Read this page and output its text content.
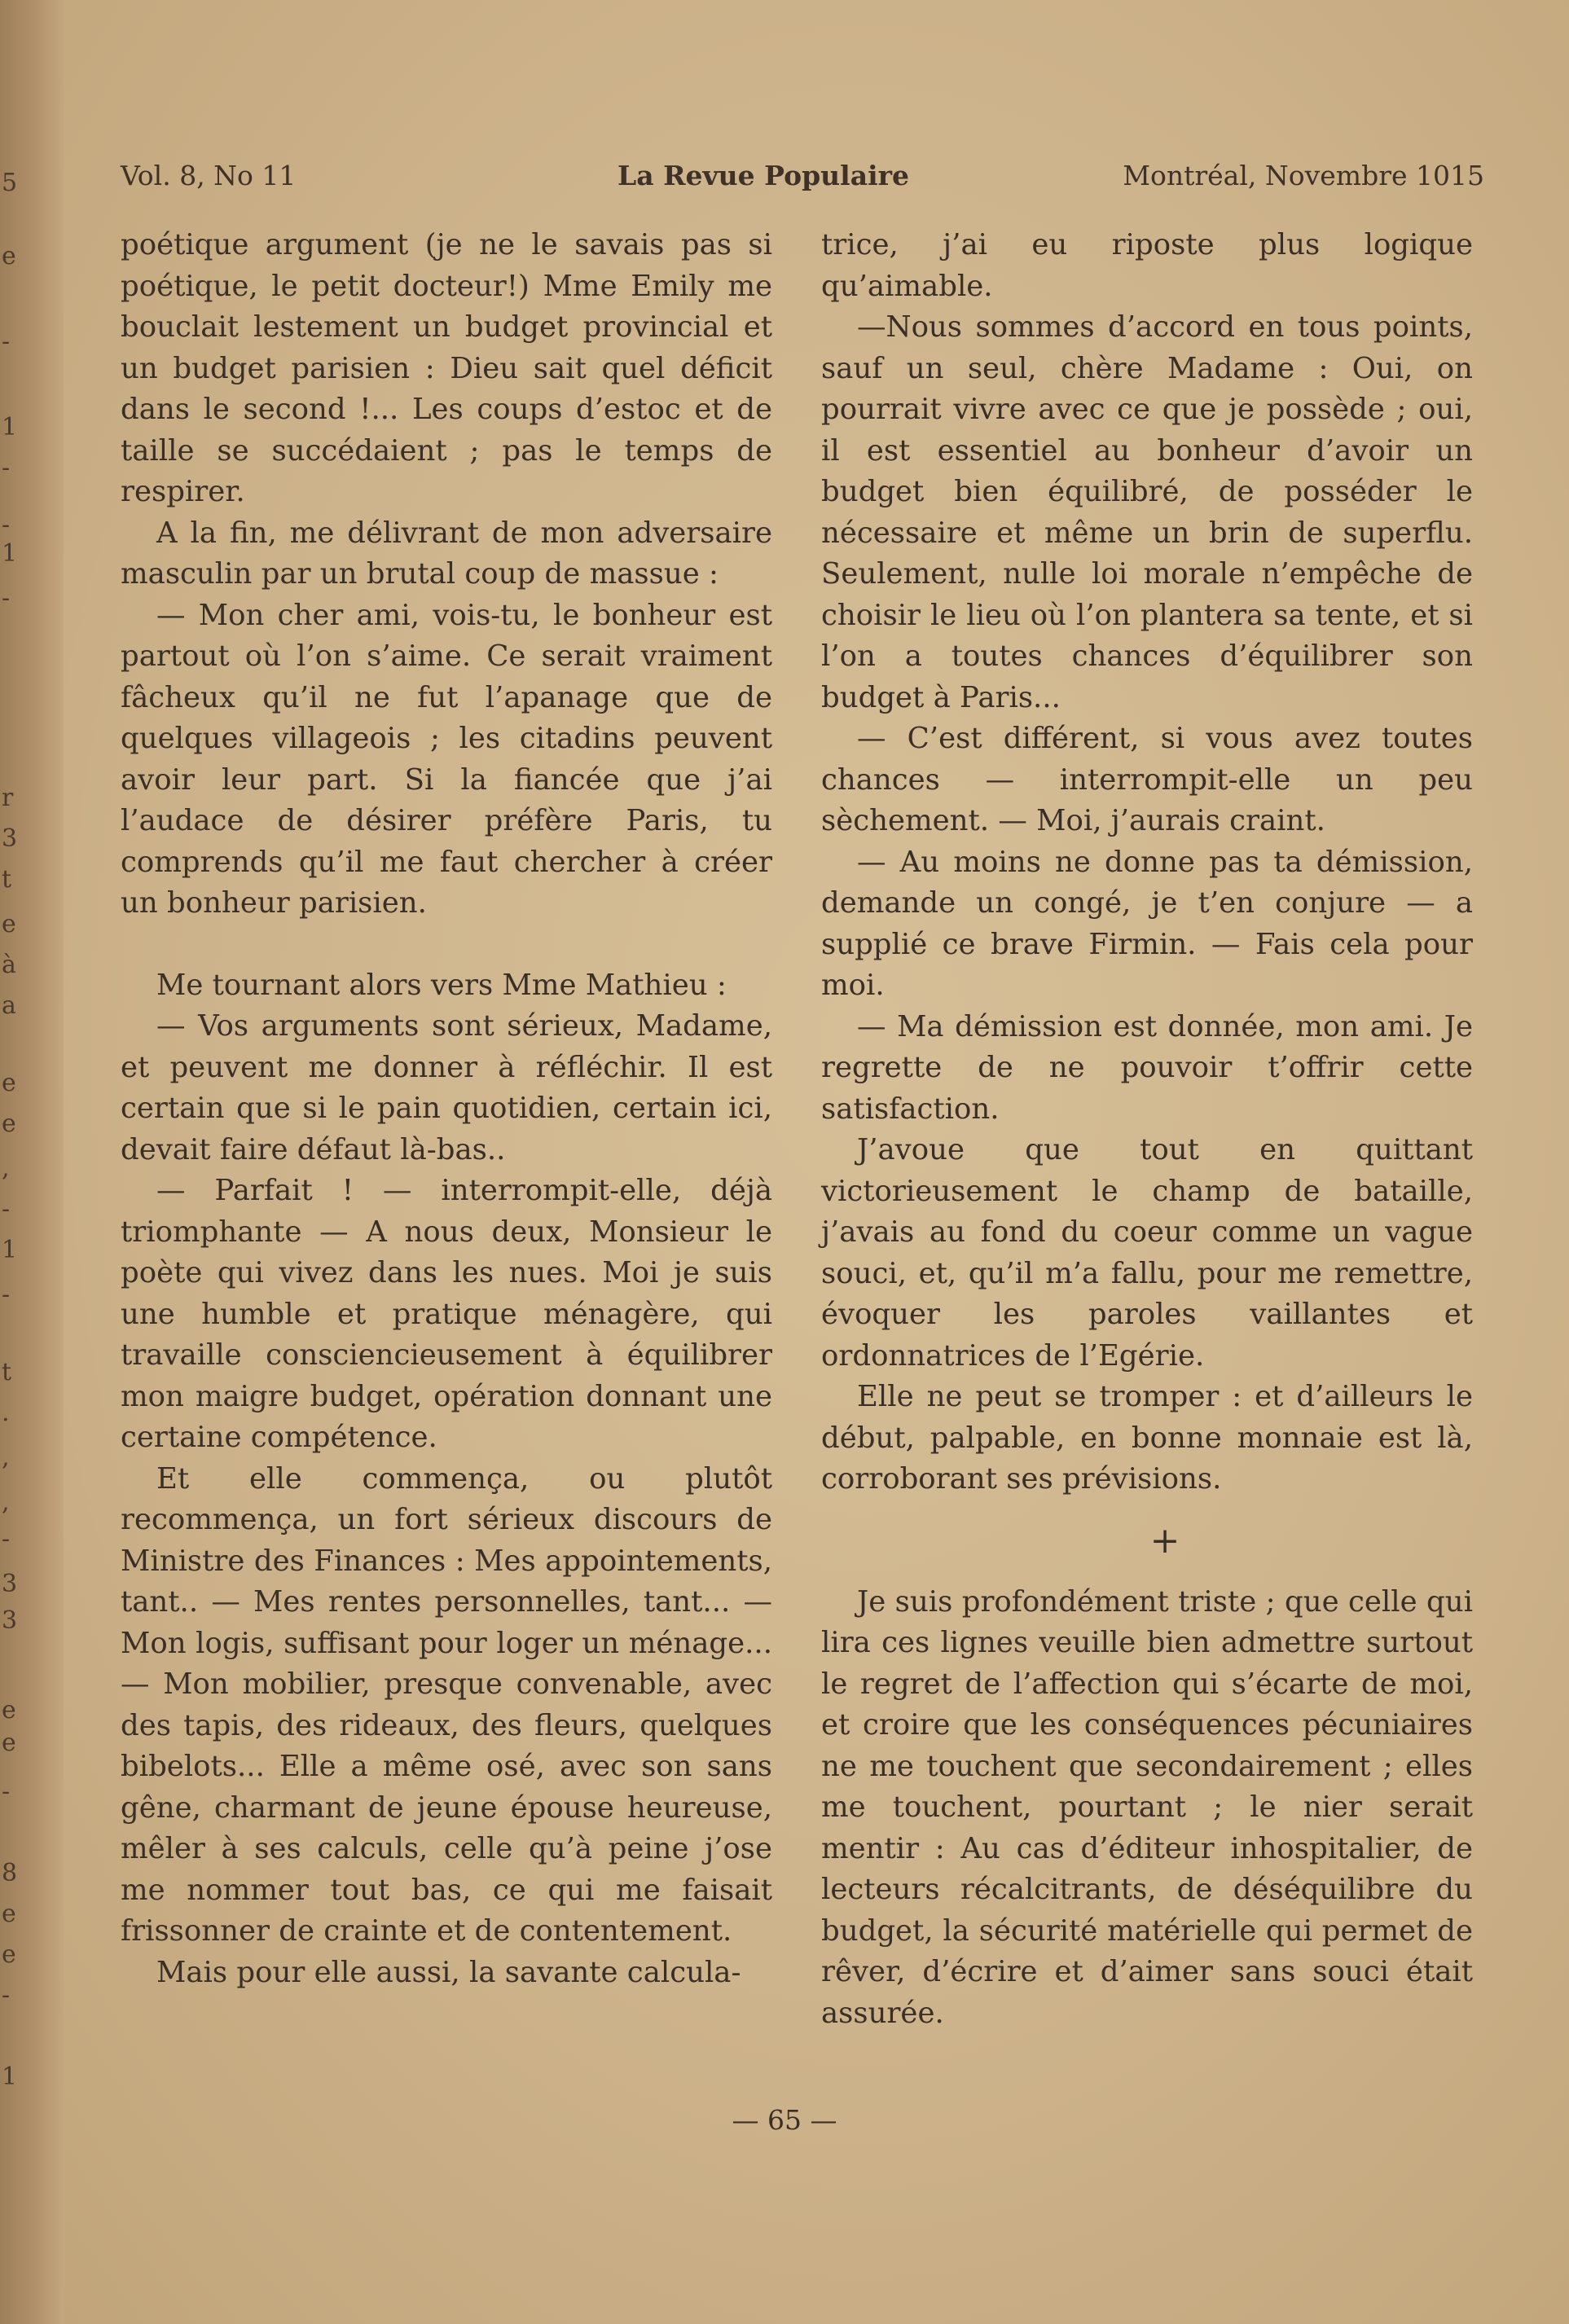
5
e
-
1
-
-
1
-
r
3
t
e
à
a
e
e
,
-
1
-
t
.
,
,
-
3
3
e
e
-
8
e
e
-
1
Vol. 8, No 11	La Revue Populaire	Montréal, Novembre 1015

poétique argument (je ne le savais pas si poétique, le petit docteur!) Mme Emily me bouclait lestement un budget provincial et un budget parisien : Dieu sait quel déficit dans le second !... Les coups d’estoc et de taille se succédaient ; pas le temps de respirer.

A la fin, me délivrant de mon adversaire masculin par un brutal coup de massue :

— Mon cher ami, vois-tu, le bonheur est partout où l’on s’aime. Ce serait vraiment fâcheux qu’il ne fut l’apanage que de quelques villageois ; les citadins peuvent avoir leur part. Si la fiancée que j’ai l’audace de désirer préfère Paris, tu comprends qu’il me faut chercher à créer un bonheur parisien.

Me tournant alors vers Mme Mathieu :

— Vos arguments sont sérieux, Madame, et peuvent me donner à réfléchir. Il est certain que si le pain quotidien, certain ici, devait faire défaut là-bas..

— Parfait ! — interrompit-elle, déjà triomphante — A nous deux, Monsieur le poète qui vivez dans les nues. Moi je suis une humble et pratique ménagère, qui travaille consciencieusement à équilibrer mon maigre budget, opération donnant une certaine compétence.

Et elle commença, ou plutôt recommença, un fort sérieux discours de Ministre des Finances : Mes appointements, tant.. — Mes rentes personnelles, tant... — Mon logis, suffisant pour loger un ménage... — Mon mobilier, presque convenable, avec des tapis, des rideaux, des fleurs, quelques bibelots... Elle a même osé, avec son sans gêne, charmant de jeune épouse heureuse, mêler à ses calculs, celle qu’à peine j’ose me nommer tout bas, ce qui me faisait frissonner de crainte et de contentement.

Mais pour elle aussi, la savante calcula-

trice, j’ai eu riposte plus logique qu’aimable.

—Nous sommes d’accord en tous points, sauf un seul, chère Madame : Oui, on pourrait vivre avec ce que je possède ; oui, il est essentiel au bonheur d’avoir un budget bien équilibré, de posséder le nécessaire et même un brin de superflu. Seulement, nulle loi morale n’empêche de choisir le lieu où l’on plantera sa tente, et si l’on a toutes chances d’équilibrer son budget à Paris...

— C’est différent, si vous avez toutes chances — interrompit-elle un peu sèchement. — Moi, j’aurais craint.

— Au moins ne donne pas ta démission, demande un congé, je t’en conjure — a supplié ce brave Firmin. — Fais cela pour moi.

— Ma démission est donnée, mon ami. Je regrette de ne pouvoir t’offrir cette satisfaction.

J’avoue que tout en quittant victorieusement le champ de bataille, j’avais au fond du coeur comme un vague souci, et, qu’il m’a fallu, pour me remettre, évoquer les paroles vaillantes et ordonnatrices de l’Egérie.

Elle ne peut se tromper : et d’ailleurs le début, palpable, en bonne monnaie est là, corroborant ses prévisions.

+

Je suis profondément triste ; que celle qui lira ces lignes veuille bien admettre surtout le regret de l’affection qui s’écarte de moi, et croire que les conséquences pécuniaires ne me touchent que secondairement ; elles me touchent, pourtant ; le nier serait mentir : Au cas d’éditeur inhospitalier, de lecteurs récalcitrants, de déséquilibre du budget, la sécurité matérielle qui permet de rêver, d’écrire et d’aimer sans souci était assurée.

— 65 —
